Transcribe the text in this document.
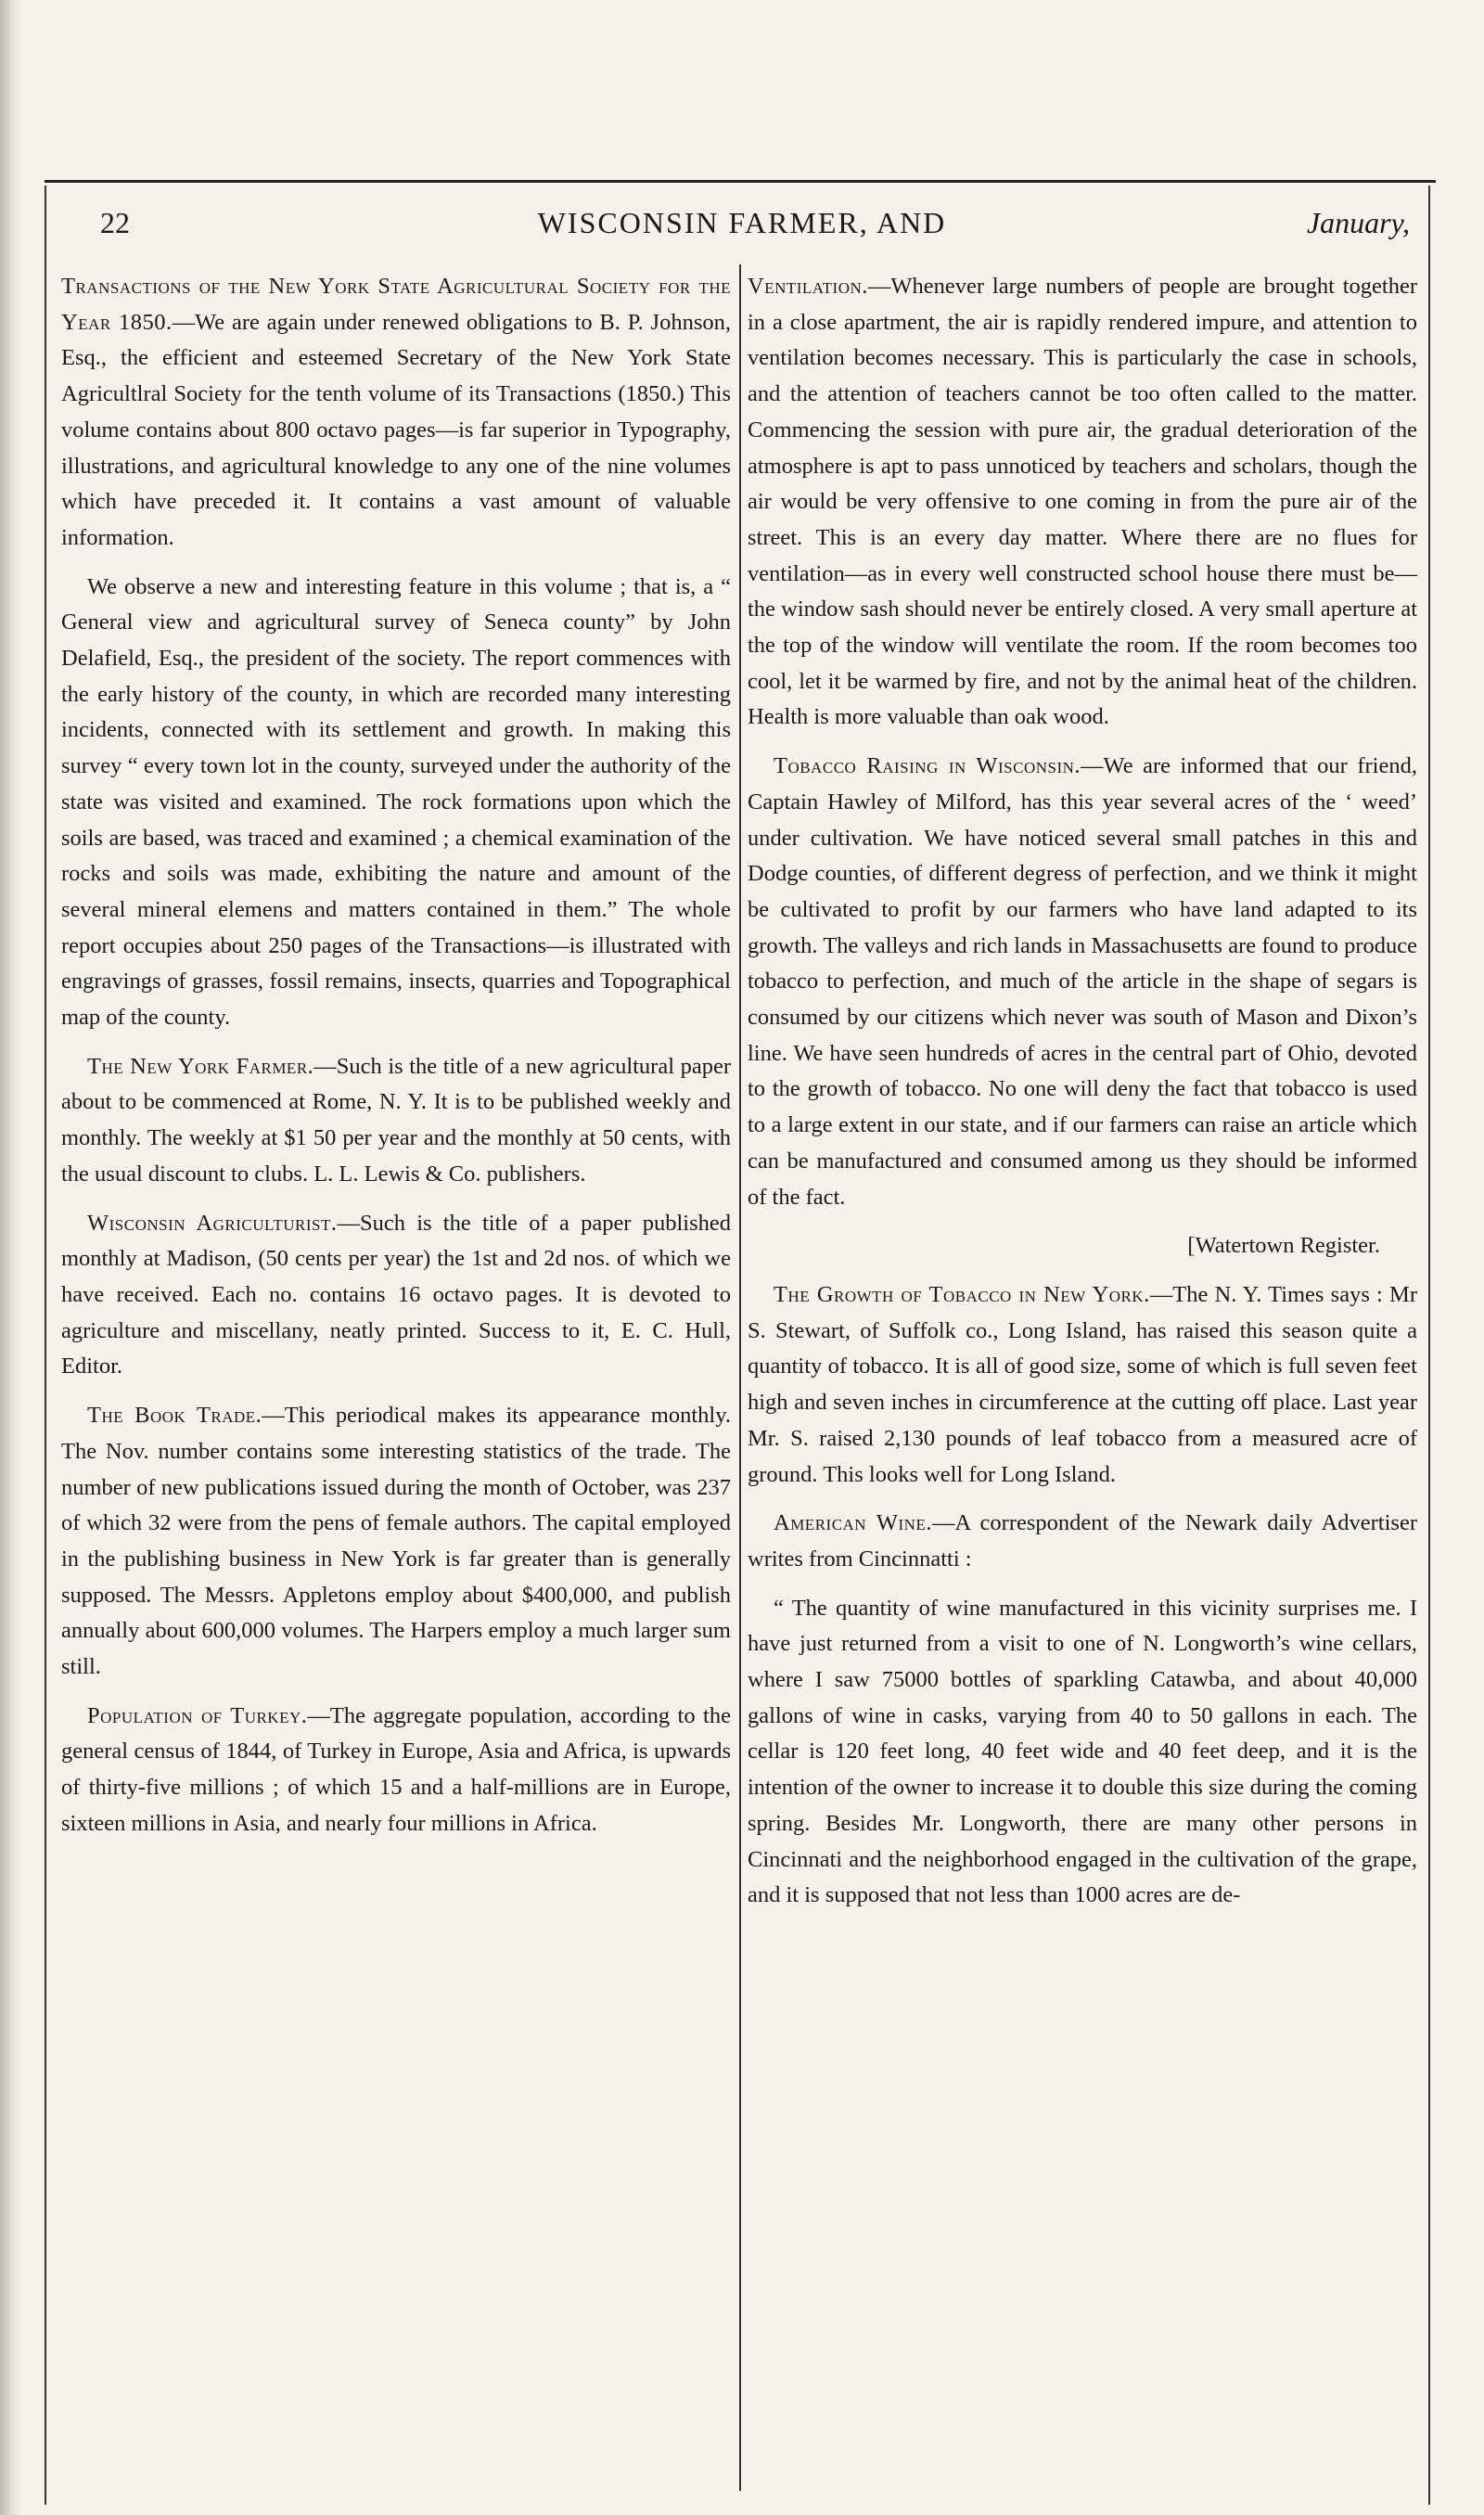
22	WISCONSIN FARMER, AND	January,

Transactions of the New York State Agricultural Society for the Year 1850.—We are again under renewed obligations to B. P. Johnson, Esq., the efficient and esteemed Secretary of the New York State Agricultlral Society for the tenth volume of its Transactions (1850.) This volume contains about 800 octavo pages—is far superior in Typography, illustrations, and agricultural knowledge to any one of the nine volumes which have preceded it. It contains a vast amount of valuable information.

We observe a new and interesting feature in this volume ; that is, a “ General view and agricultural survey of Seneca county” by John Delafield, Esq., the president of the society. The report commences with the early history of the county, in which are recorded many interesting incidents, connected with its settlement and growth. In making this survey “ every town lot in the county, surveyed under the authority of the state was visited and examined. The rock formations upon which the soils are based, was traced and examined ; a chemical examination of the rocks and soils was made, exhibiting the nature and amount of the several mineral elemens and matters contained in them.” The whole report occupies about 250 pages of the Transactions—is illustrated with engravings of grasses, fossil remains, insects, quarries and Topographical map of the county.

The New York Farmer.—Such is the title of a new agricultural paper about to be commenced at Rome, N. Y. It is to be published weekly and monthly. The weekly at $1 50 per year and the monthly at 50 cents, with the usual discount to clubs. L. L. Lewis & Co. publishers.

Wisconsin Agriculturist.—Such is the title of a paper published monthly at Madison, (50 cents per year) the 1st and 2d nos. of which we have received. Each no. contains 16 octavo pages. It is devoted to agriculture and miscellany, neatly printed. Success to it, E. C. Hull, Editor.

The Book Trade.—This periodical makes its appearance monthly. The Nov. number contains some interesting statistics of the trade. The number of new publications issued during the month of October, was 237 of which 32 were from the pens of female authors. The capital employed in the publishing business in New York is far greater than is generally supposed. The Messrs. Appletons employ about $400,000, and publish annually about 600,000 volumes. The Harpers employ a much larger sum still.

Population of Turkey.—The aggregate population, according to the general census of 1844, of Turkey in Europe, Asia and Africa, is upwards of thirty-five millions ; of which 15 and a half-millions are in Europe, sixteen millions in Asia, and nearly four millions in Africa.

Ventilation.—Whenever large numbers of people are brought together in a close apartment, the air is rapidly rendered impure, and attention to ventilation becomes necessary. This is particularly the case in schools, and the attention of teachers cannot be too often called to the matter. Commencing the session with pure air, the gradual deterioration of the atmosphere is apt to pass unnoticed by teachers and scholars, though the air would be very offensive to one coming in from the pure air of the street. This is an every day matter. Where there are no flues for ventilation—as in every well constructed school house there must be—the window sash should never be entirely closed. A very small aperture at the top of the window will ventilate the room. If the room becomes too cool, let it be warmed by fire, and not by the animal heat of the children. Health is more valuable than oak wood.

Tobacco Raising in Wisconsin.—We are informed that our friend, Captain Hawley of Milford, has this year several acres of the ‘ weed’ under cultivation. We have noticed several small patches in this and Dodge counties, of different degress of perfection, and we think it might be cultivated to profit by our farmers who have land adapted to its growth. The valleys and rich lands in Massachusetts are found to produce tobacco to perfection, and much of the article in the shape of segars is consumed by our citizens which never was south of Mason and Dixon’s line. We have seen hundreds of acres in the central part of Ohio, devoted to the growth of tobacco. No one will deny the fact that tobacco is used to a large extent in our state, and if our farmers can raise an article which can be manufactured and consumed among us they should be informed of the fact.

[Watertown Register.

The Growth of Tobacco in New York.—The N. Y. Times says : Mr S. Stewart, of Suffolk co., Long Island, has raised this season quite a quantity of tobacco. It is all of good size, some of which is full seven feet high and seven inches in circumference at the cutting off place. Last year Mr. S. raised 2,130 pounds of leaf tobacco from a measured acre of ground. This looks well for Long Island.

American Wine.—A correspondent of the Newark daily Advertiser writes from Cincinnatti :

“ The quantity of wine manufactured in this vicinity surprises me. I have just returned from a visit to one of N. Longworth’s wine cellars, where I saw 75000 bottles of sparkling Catawba, and about 40,000 gallons of wine in casks, varying from 40 to 50 gallons in each. The cellar is 120 feet long, 40 feet wide and 40 feet deep, and it is the intention of the owner to increase it to double this size during the coming spring. Besides Mr. Longworth, there are many other persons in Cincinnati and the neighborhood engaged in the cultivation of the grape, and it is supposed that not less than 1000 acres are de-
